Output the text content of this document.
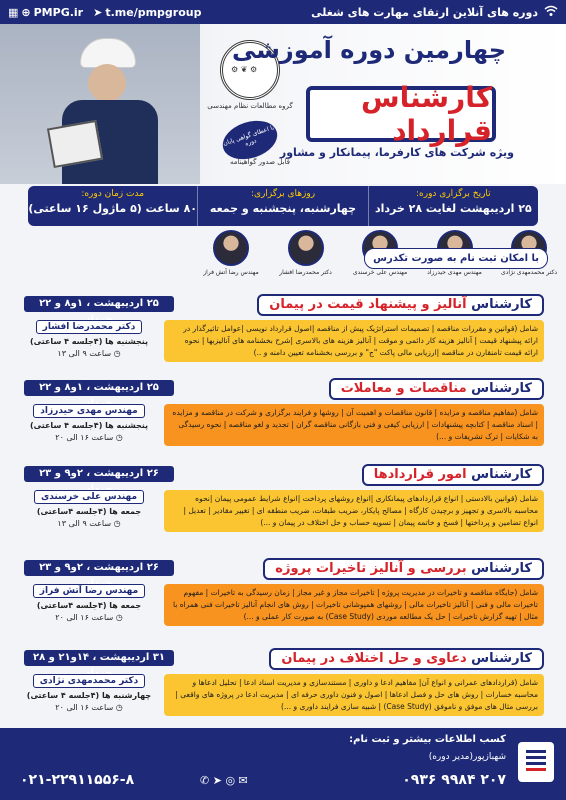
دوره های آنلاین ارتقای مهارت های شغلی
▦ ⊕ PMPG.ir ➤ t.me/pmpgroup
⚙ ❦ ⚙
گروه مطالعات نظام مهندسی
با اعطای گواهی پایان دوره
قابل صدور گواهینامه
چهارمین دوره آموزشی
کارشناس قرارداد
ویژه شرکت های کارفرما، پیمانکار و مشاور
تاریخ برگزاری دوره:
۲۵ اردیبهشت لغایت ۲۸ خرداد
روزهای برگزاری:
چهارشنبه، پنجشنبه و جمعه
مدت زمان دوره:
۸۰ ساعت (۵ ماژول ۱۶ ساعتی)
دکتر محمدمهدی نژادی
مهندس مهدی حیدرزاد
مهندس علی خرسندی
دکتر محمدرضا افشار
مهندس رضا آتش فراز
با امکان ثبت نام به صورت تکدرس
۲۵ اردیبهشت ، ۱و۸ و ۲۲	کارشناس آنالیز و پیشنهاد قیمت در پیمان
دکتر محمدرضا افشار
پنجشنبه ها (۴جلسه ۴ ساعتی)
◷ ساعت ۹ الی ۱۳
شامل (قوانین و مقررات مناقصه | تصمیمات استراتژیک پیش از مناقصه |اصول قرارداد نویسی |عوامل تاثیرگذار در ارائه پیشنهاد قیمت | آنالیز هزینه کار دائمی و موقت | آنالیز هزینه های بالاسری |شرح بخشنامه های آنالیزبها | نحوه ارائه قیمت تامنقارن در مناقصه |ارزیابی مالی پاکت "ج" و بررسی بخشنامه تعیین دامنه و ..)
۲۵ اردیبهشت ، ۱و۸ و ۲۲	کارشناس مناقصات و معاملات
مهندس مهدی حیدرزاد
پنجشنبه ها (۴جلسه ۴ ساعتی)
◷ ساعت ۱۶ الی ۲۰
شامل (مفاهیم مناقصه و مزایده | قانون مناقصات و اهمیت آن | روشها و فرایند برگزاری و شرکت در مناقصه و مزایده | اسناد مناقصه | کتابچه پیشنهادات | ارزیابی کیفی و فنی بازگانی مناقصه گران | تجدید و لغو مناقصه | نحوه رسیدگی به شکایات | ترک تشریفات و ...)
۲۶ اردیبهشت ، ۲و۹ و ۲۳	کارشناس امور قراردادها
مهندس علی خرسندی
جمعه ها (۴جلسه ۴ساعتی)
◷ ساعت ۹ الی ۱۳
شامل (قوانین بالادستی | انواع قراردادهای پیمانکاری |انواع روشهای پرداخت |انواع شرایط عمومی پیمان |نحوه محاسبه بالاسری و تجهیز و برچیدن کارگاه | مصالح پایکار، ضریب طبقات، ضریب منطقه ای | تغییر مقادیر | تعدیل | انواع تضامین و پرداختها | فسخ و خاتمه پیمان | تسویه حساب و حل اختلاف در پیمان و ...)
۲۶ اردیبهشت ، ۲و۹ و ۲۳	کارشناس بررسی و آنالیز تاخیرات پروژه
مهندس رضا آتش فراز
جمعه ها (۴جلسه ۴ساعتی)
◷ ساعت ۱۶ الی ۲۰
شامل (جایگاه مناقصه و تاخیرات در مدیریت پروژه | تاخیرات مجاز و غیر مجاز | زمان رسیدگی به تاخیرات | مفهوم تاخیرات مالی و فنی | آنالیز تاخیرات مالی | روشهای همپوشانی تاخیرات | روش های انجام آنالیز تاخیرات فنی همراه با مثال | تهیه گزارش تاخیرات | حل یک مطالعه موردی (Case Study) به صورت کار عملی و ...)
۳۱ اردیبهشت ، ۱۴و۲۱ و ۲۸	کارشناس دعاوی و حل اختلاف در پیمان
دکتر محمدمهدی نژادی
چهارشنبه ها (۴جلسه ۴ ساعتی)
◷ ساعت ۱۶ الی ۲۰
شامل (قراردادهای عمرانی و انواع آن| مفاهیم ادعا و داوری | مستندسازی و مدیریت اسناد ادعا | تحلیل ادعاها و محاسبه خسارات | روش های حل و فصل ادعاها | اصول و فنون داوری حرفه ای | مدیریت ادعا در پروژه های واقعی | بررسی مثال های موفق و ناموفق (Case Study) | شبیه سازی فرایند داوری و ...)
کسب اطلاعات بیشتر و ثبت نام:
شهبازپور(مدیر دوره)
۰۹۳۶ ۹۹۸۴ ۲۰۷
✆ ➤ ◎ ✉
۰۲۱-۲۲۹۱۱۵۵۶-۸
